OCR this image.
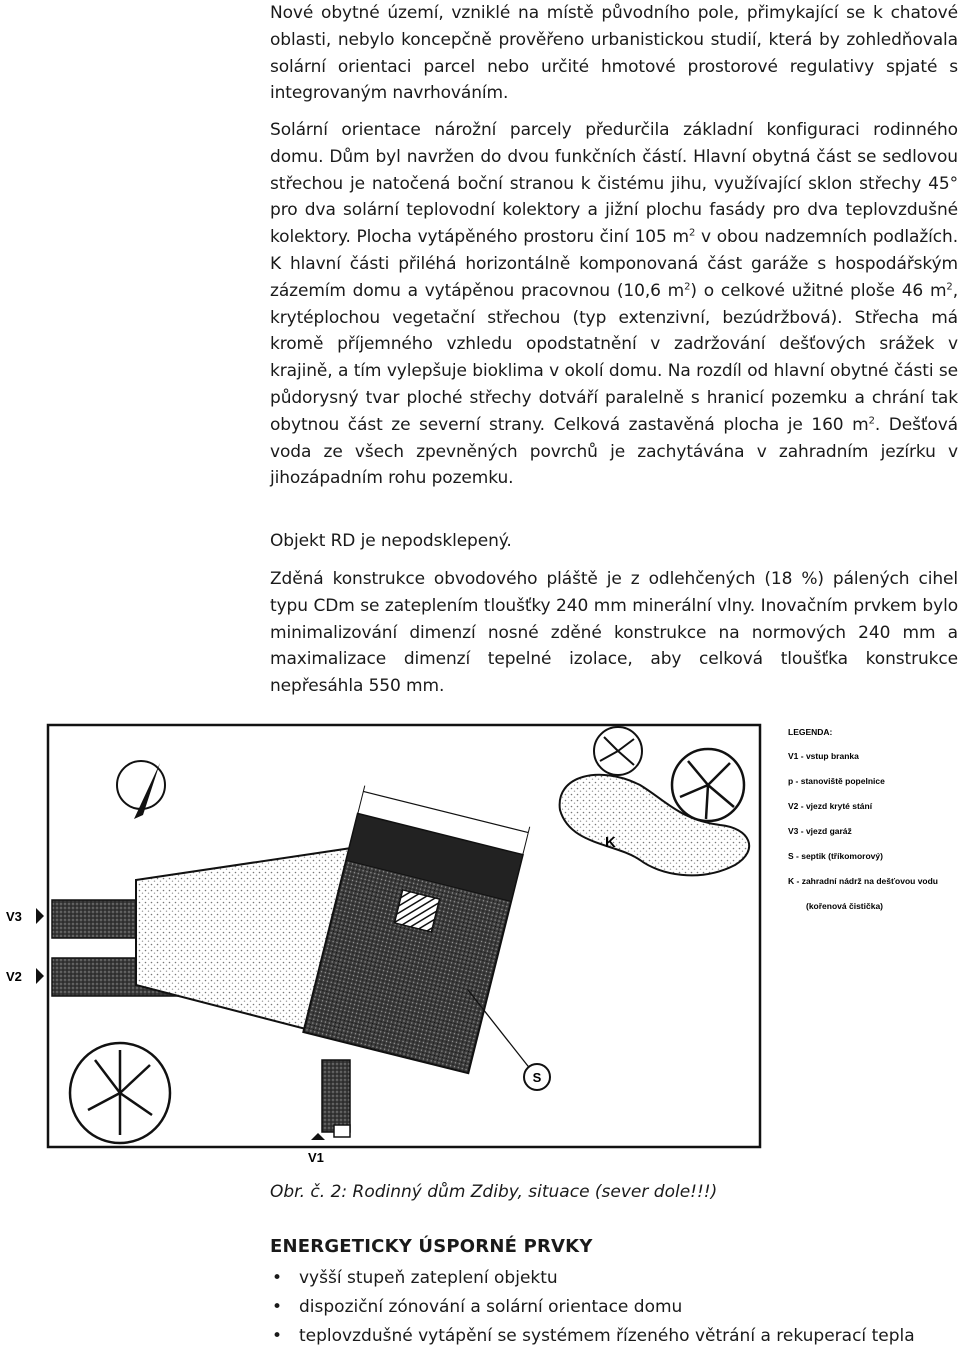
Nové obytné území, vzniklé na místě původního pole, přimykající se k chatové oblasti, nebylo koncepčně prověřeno urbanistickou studií, která by zohledňovala solární orientaci parcel nebo určité hmotové prostorové regulativy spjaté s integrovaným navrhováním.

Solární orientace nárožní parcely předurčila základní konfiguraci rodinného domu. Dům byl navržen do dvou funkčních částí. Hlavní obytná část se sedlovou střechou je natočená boční stranou k čistému jihu, využívající sklon střechy 45° pro dva solární teplovodní kolektory a jižní plochu fasády pro dva teplovzdušné kolektory. Plocha vytápěného prostoru činí 105 $m^2$ v obou nadzemních podlažích. K hlavní části přiléhá horizontálně komponovaná část garáže s hospodářským zázemím domu a vytápěnou pracovnou (10,6 $m^2$) o celkové užitné ploše 46 $m^2$, krytéplochou vegetační střechou (typ extenzivní, bezúdržbová). Střecha má kromě příjemného vzhledu opodstatnění v zadržování dešťových srážek v krajině, a tím vylepšuje bioklima v okolí domu. Na rozdíl od hlavní obytné části se půdorysný tvar ploché střechy dotváří paralelně s hranicí pozemku a chrání tak obytnou část ze severní strany. Celková zastavěná plocha je 160 $m^2$. Dešťová voda ze všech zpevněných povrchů je zachytávána v zahradním jezírku v jihozápadním rohu pozemku.

Objekt RD je nepodsklepený.

Zděná konstrukce obvodového pláště je z odlehčených (18 %) pálených cihel typu CDm se zateplením tloušťky 240 mm minerální vlny. Inovačním prvkem bylo minimalizování dimenzí nosné zděné konstrukce na normových 240 mm a maximalizace dimenzí tepelné izolace, aby celková tloušťka konstrukce nepřesáhla 550 mm.

S
K
V3
V2
V1
LEGENDA:
V1 - vstup branka
p - stanoviště popelnice
V2 - vjezd kryté stání
V3 - vjezd garáž
S - septik (tříkomorový)
K - zahradní nádrž na dešťovou vodu
(kořenová čistička)

Obr. č. 2: Rodinný dům Zdiby, situace (sever dole!!!)

ENERGETICKY ÚSPORNÉ PRVKY
• vyšší stupeň zateplení objektu
• dispoziční zónování a solární orientace domu
• teplovzdušné vytápění se systémem řízeného větrání a rekuperací tepla
